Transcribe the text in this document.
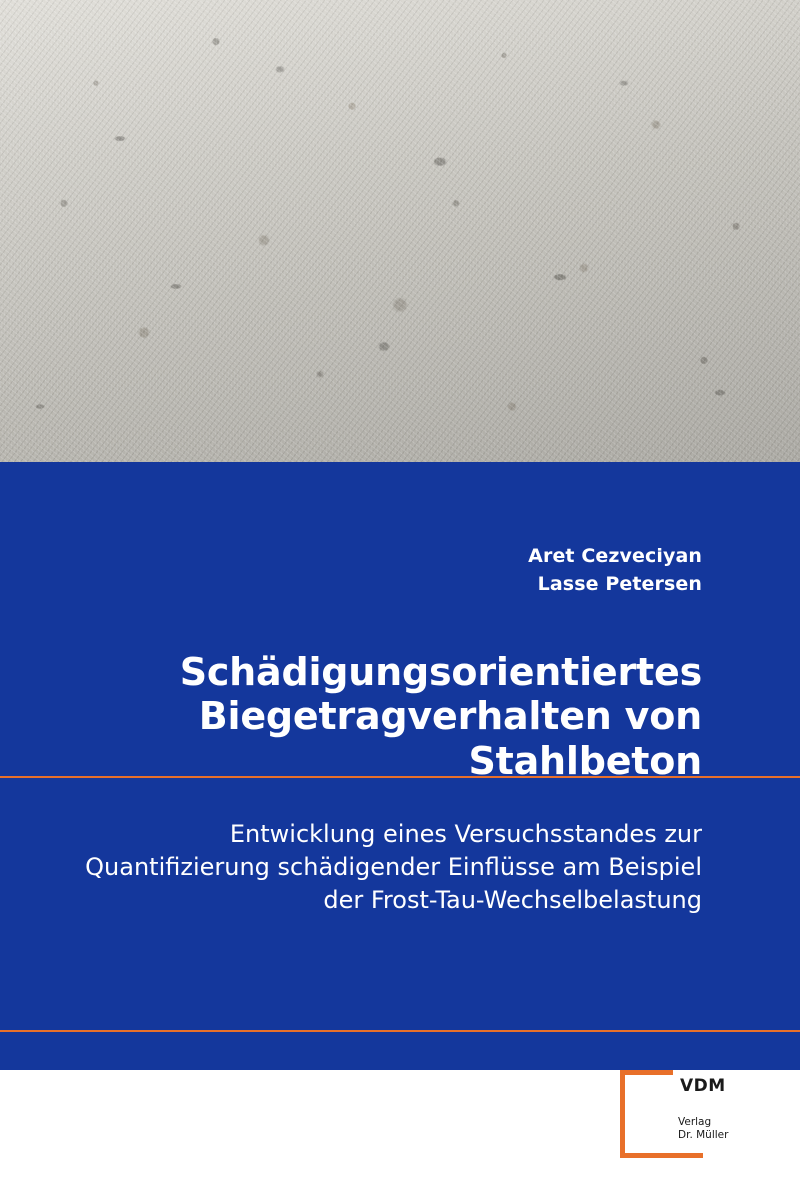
Aret Cezveciyan
Lasse Petersen
Schädigungsorientiertes Biegetragverhalten von Stahlbeton
Entwicklung eines Versuchsstandes zur Quantifizierung schädigender Einflüsse am Beispiel der Frost-Tau-Wechselbelastung
VDM
Verlag
Dr. Müller
